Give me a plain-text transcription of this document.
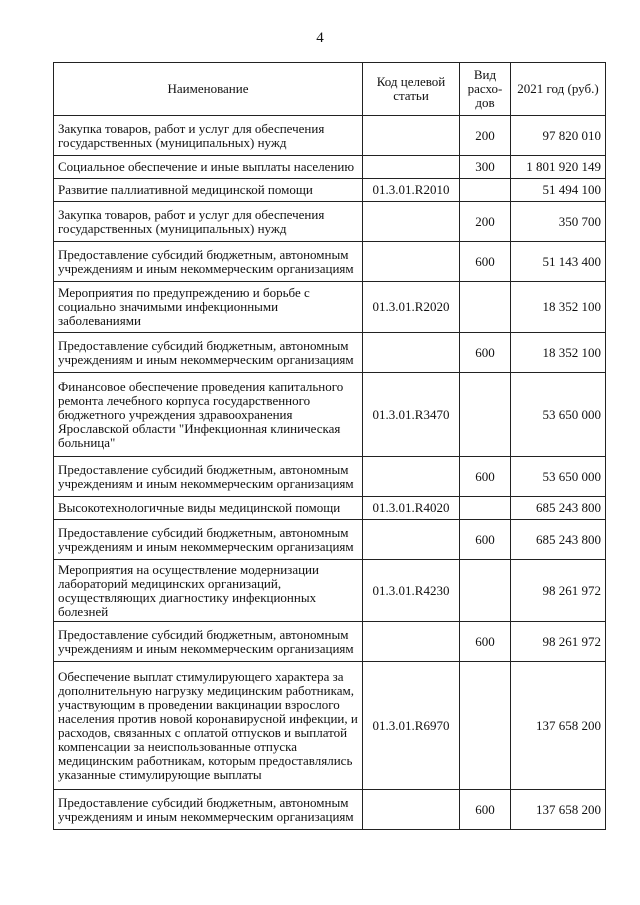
4
Наименование	Код целевой статьи	Вид расхо-дов	2021 год (руб.)
Закупка товаров, работ и услуг для обеспечения государственных (муниципальных) нужд		200	97 820 010
Социальное обеспечение и иные выплаты населению		300	1 801 920 149
Развитие паллиативной медицинской помощи	01.3.01.R2010		51 494 100
Закупка товаров, работ и услуг для обеспечения государственных (муниципальных) нужд		200	350 700
Предоставление субсидий бюджетным, автономным учреждениям и иным некоммерческим организациям		600	51 143 400
Мероприятия по предупреждению и борьбе с социально значимыми инфекционными заболеваниями	01.3.01.R2020		18 352 100
Предоставление субсидий бюджетным, автономным учреждениям и иным некоммерческим организациям		600	18 352 100
Финансовое обеспечение проведения капитального ремонта лечебного корпуса государственного бюджетного учреждения здравоохранения Ярославской области "Инфекционная клиническая больница"	01.3.01.R3470		53 650 000
Предоставление субсидий бюджетным, автономным учреждениям и иным некоммерческим организациям		600	53 650 000
Высокотехнологичные виды медицинской помощи	01.3.01.R4020		685 243 800
Предоставление субсидий бюджетным, автономным учреждениям и иным некоммерческим организациям		600	685 243 800
Мероприятия на осуществление модернизации лабораторий медицинских организаций, осуществляющих диагностику инфекционных болезней	01.3.01.R4230		98 261 972
Предоставление субсидий бюджетным, автономным учреждениям и иным некоммерческим организациям		600	98 261 972
Обеспечение выплат стимулирующего характера за дополнительную нагрузку медицинским работникам, участвующим в проведении вакцинации взрослого населения против новой коронавирусной инфекции, и расходов, связанных с оплатой отпусков и выплатой компенсации за неиспользованные отпуска медицинским работникам, которым предоставлялись указанные стимулирующие выплаты	01.3.01.R6970		137 658 200
Предоставление субсидий бюджетным, автономным учреждениям и иным некоммерческим организациям		600	137 658 200
